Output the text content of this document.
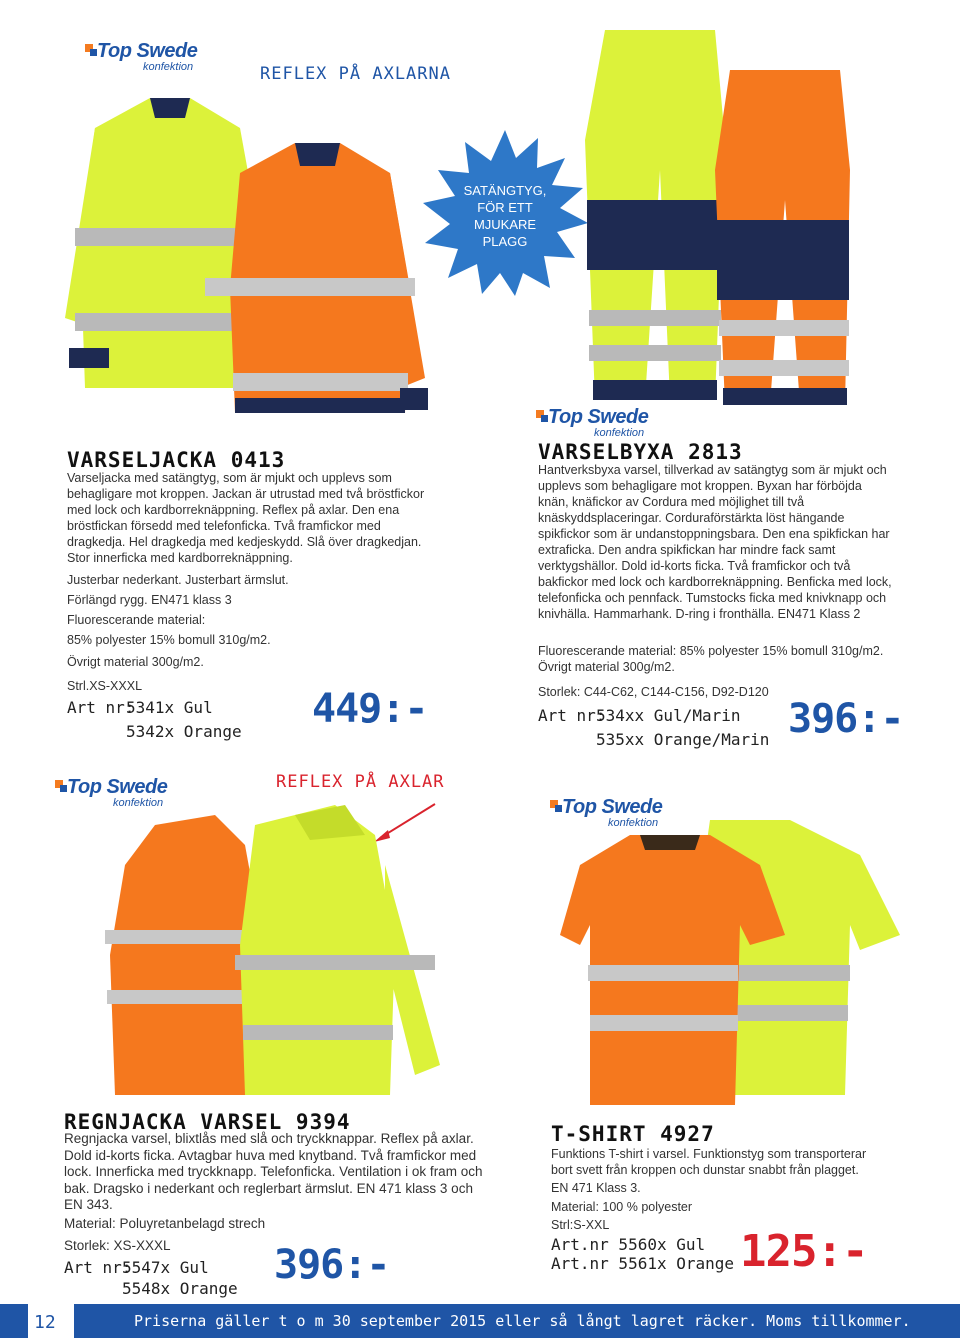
Top Swede
konfektion
Top Swede
konfektion
Top Swede
konfektion	Top Swede
konfektion
REFLEX PÅ AXLARNA
SATÄNGTYG,
FÖR ETT
MJUKARE
PLAGG
VARSELJACKA 0413
Varseljacka med satängtyg, som är mjukt och upplevs som behagligare mot kroppen. Jackan är utrustad med två bröstfickor med lock och kardborreknäppning. Reflex på axlar. Den ena bröstfickan försedd med telefonficka. Två framfickor med dragkedja. Hel dragkedja med kedjeskydd. Slå över dragkedjan. Stor innerficka med kardborreknäppning.
Justerbar nederkant. Justerbart ärmslut.
Förlängd rygg. EN471 klass 3
Fluorescerande material:
85% polyester 15% bomull 310g/m2.
Övrigt material 300g/m2.
Strl.XS-XXXL
Art nr:
5341x Gul
5342x Orange 449:-
VARSELBYXA 2813
Hantverksbyxa varsel, tillverkad av satängtyg som är mjukt och upplevs som behagligare mot kroppen. Byxan har förböjda knän, knäfickor av Cordura med möjlighet till två knäskyddsplaceringar. Corduraförstärkta löst hängande spikfickor som är undanstoppningsbara. Den ena spikfickan har extraficka. Den andra spikfickan har mindre fack samt verktygshällor. Dold id-korts ficka. Två framfickor och två bakfickor med lock och kardborreknäppning. Benficka med lock, telefonficka och pennfack. Tumstocks ficka med knivknapp och knivhälla. Hammarhank. D-ring i fronthälla. EN471 Klass 2
Fluorescerande material: 85% polyester 15% bomull 310g/m2. Övrigt material 300g/m2.
Storlek: C44-C62, C144-C156, D92-D120
Art nr:
534xx Gul/Marin
535xx Orange/Marin 396:-
REFLEX PÅ AXLAR
REGNJACKA VARSEL 9394
Regnjacka varsel, blixtlås med slå och tryckknappar. Reflex på axlar. Dold id-korts ficka. Avtagbar huva med knytband. Två framfickor med lock. Innerficka med tryckknapp. Telefonficka. Ventilation i ok fram och bak. Dragsko i nederkant och reglerbart ärmslut. EN 471 klass 3 och EN 343.
Material: Poluyretanbelagd strech
Storlek: XS-XXXL
Art nr:
5547x Gul
5548x Orange
396:-
T-SHIRT 4927
Funktions T-shirt i varsel. Funktionstyg som transporterar bort svett från kroppen och dunstar snabbt från plagget.
EN 471 Klass 3.
Material: 100 % polyester
Strl:S-XXL
Art.nr 5560x Gul
Art.nr 5561x Orange 125:-
12	Priserna gäller t o m 30 september 2015 eller så långt lagret räcker. Moms tillkommer.
